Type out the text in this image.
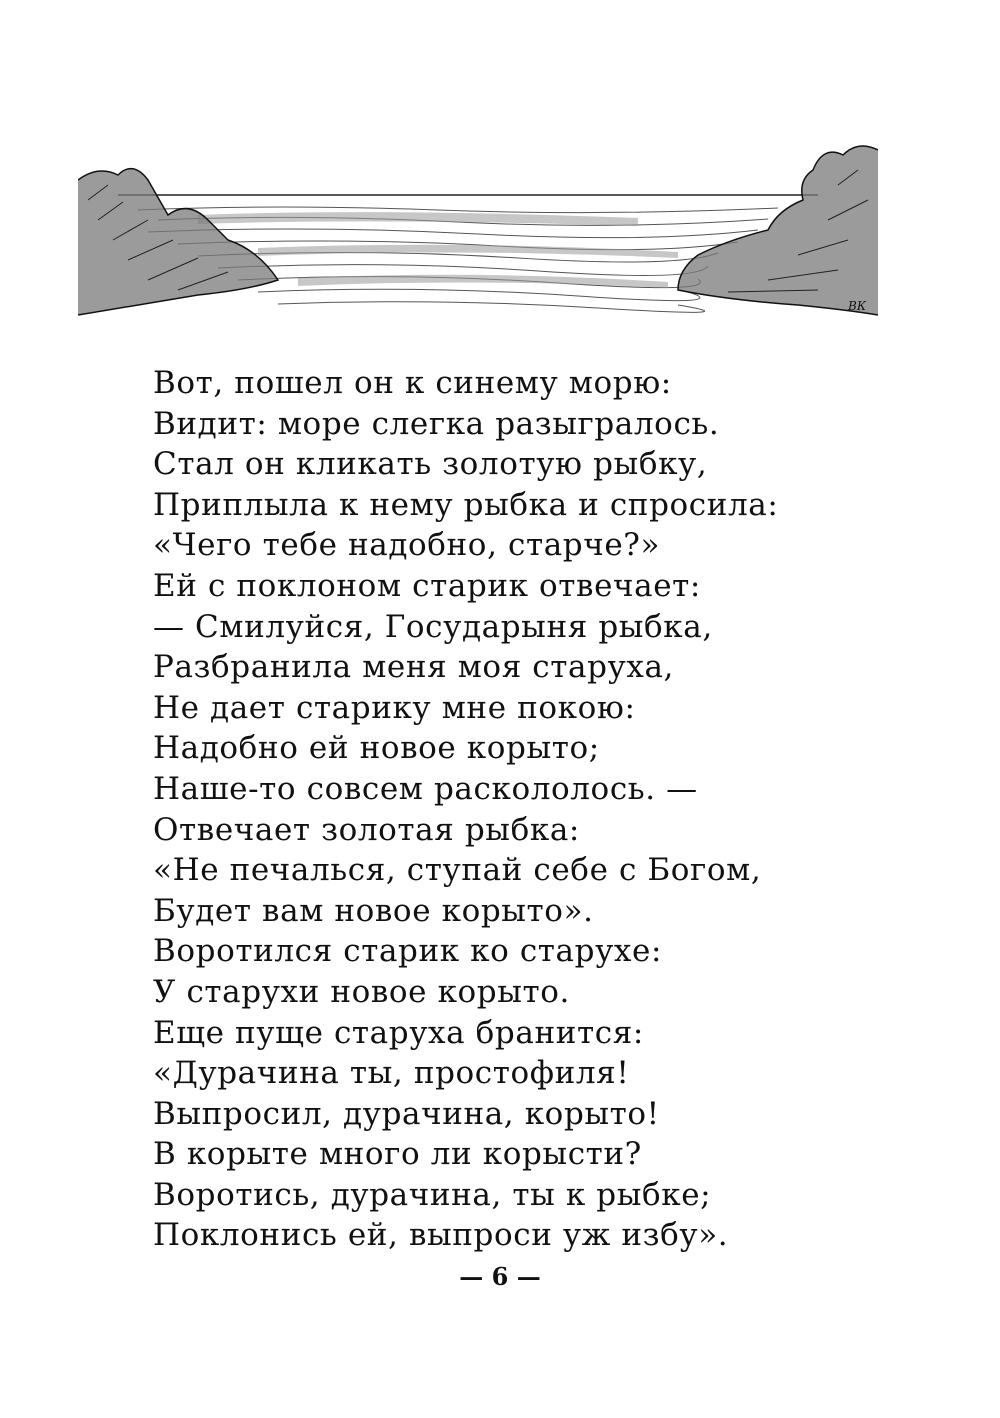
ВК
Вот, пошел он к синему морю:
Видит: море слегка разыгралось.
Стал он кликать золотую рыбку,
Приплыла к нему рыбка и спросила:
«Чего тебе надобно, старче?»
Ей с поклоном старик отвечает:
— Смилуйся, Государыня рыбка,
Разбранила меня моя старуха,
Не дает старику мне покою:
Надобно ей новое корыто;
Наше-то совсем раскололось. —
Отвечает золотая рыбка:
«Не печалься, ступай себе с Богом,
Будет вам новое корыто».
Воротился старик ко старухе:
У старухи новое корыто.
Еще пуще старуха бранится:
«Дурачина ты, простофиля!
Выпросил, дурачина, корыто!
В корыте много ли корысти?
Воротись, дурачина, ты к рыбке;
Поклонись ей, выпроси уж избу».
— 6 —
